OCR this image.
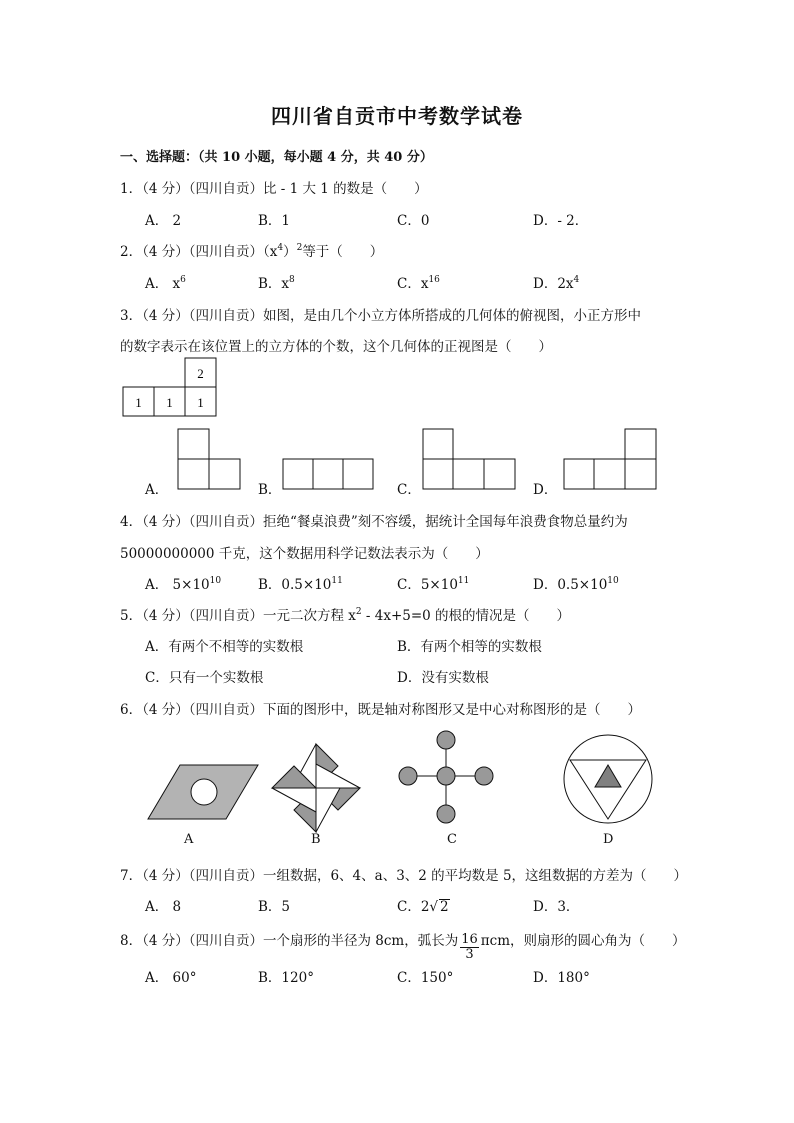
四川省自贡市中考数学试卷
一、选择题：（共 10 小题，每小题 4 分，共 40 分）
1．（4 分）（四川自贡）比 - 1 大 1 的数是（　　）
A． 2	B．1	C．0	D．- 2．
2．（4 分）（四川自贡）$(x^4)^2$等于（　　）
A． $x^6$	B．$x^8$	C．$x^{16}$	D．$2x^4$
3．（4 分）（四川自贡）如图，是由几个小立方体所搭成的几何体的俯视图，小正方形中
的数字表示在该位置上的立方体的个数，这个几何体的正视图是（　　）
2
1 1 1
A．	B．	C．	D．
4．（4 分）（四川自贡）拒绝“餐桌浪费”刻不容缓，据统计全国每年浪费食物总量约为
50000000000 千克，这个数据用科学记数法表示为（　　）
A． $5\times 10^{10}$	B．$0.5\times 10^{11}$	C．$5\times 10^{11}$	D．$0.5\times 10^{10}$
5．（4 分）（四川自贡）一元二次方程 $x^2 - 4x+5=0$ 的根的情况是（　　）
A．有两个不相等的实数根	B．有两个相等的实数根
C．只有一个实数根	D．没有实数根
6．（4 分）（四川自贡）下面的图形中，既是轴对称图形又是中心对称图形的是（　　）
A	B	C	D
7．（4 分）（四川自贡）一组数据，6、4、a、3、2 的平均数是 5，这组数据的方差为（　　）
A． 8	B．5	C．2√ 2	D．3．
8．（4 分）（四川自贡）一个扇形的半径为 8cm，弧长为 $\frac{16}{3}$ πcm，则扇形的圆心角为（　　）
A． 60°	B．120°	C．150°	D．180°
